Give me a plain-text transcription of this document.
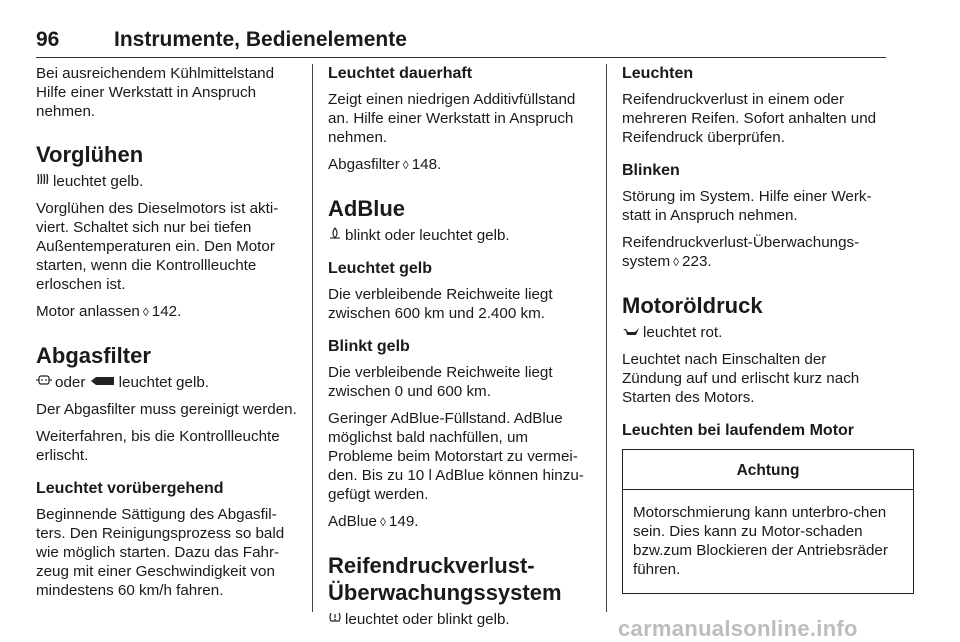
96	Instrumente, Bedienelemente

Bei ausreichendem Kühlmittelstand Hilfe einer Werkstatt in Anspruch nehmen.

Vorglühen

leuchtet gelb.

Vorglühen des Dieselmotors ist akti-viert. Schaltet sich nur bei tiefen Außentemperaturen ein. Den Motor starten, wenn die Kontrollleuchte erloschen ist.

Motor anlassen ◊ 142.

Abgasfilter

oder leuchtet gelb.

Der Abgasfilter muss gereinigt werden.

Weiterfahren, bis die Kontrollleuchte erlischt.

Leuchtet vorübergehend

Beginnende Sättigung des Abgasfil-ters. Den Reinigungsprozess so bald wie möglich starten. Dazu das Fahr-zeug mit einer Geschwindigkeit von mindestens 60 km/h fahren.

Leuchtet dauerhaft

Zeigt einen niedrigen Additivfüllstand an. Hilfe einer Werkstatt in Anspruch nehmen.

Abgasfilter ◊ 148.

AdBlue

blinkt oder leuchtet gelb.

Leuchtet gelb

Die verbleibende Reichweite liegt zwischen 600 km und 2.400 km.

Blinkt gelb

Die verbleibende Reichweite liegt zwischen 0 und 600 km.

Geringer AdBlue-Füllstand. AdBlue möglichst bald nachfüllen, um Probleme beim Motorstart zu vermei-den. Bis zu 10 l AdBlue können hinzu-gefügt werden.

AdBlue ◊ 149.

Reifendruckverlust-Überwachungssystem

leuchtet oder blinkt gelb.

Leuchten

Reifendruckverlust in einem oder mehreren Reifen. Sofort anhalten und Reifendruck überprüfen.

Blinken

Störung im System. Hilfe einer Werk-statt in Anspruch nehmen.

Reifendruckverlust-Überwachungs-system ◊ 223.

Motoröldruck

leuchtet rot.

Leuchtet nach Einschalten der Zündung auf und erlischt kurz nach Starten des Motors.

Leuchten bei laufendem Motor
Achtung
Motorschmierung kann unterbro-chen sein. Dies kann zu Motor-schaden bzw.zum Blockieren der Antriebsräder führen.
carmanualsonline.info
